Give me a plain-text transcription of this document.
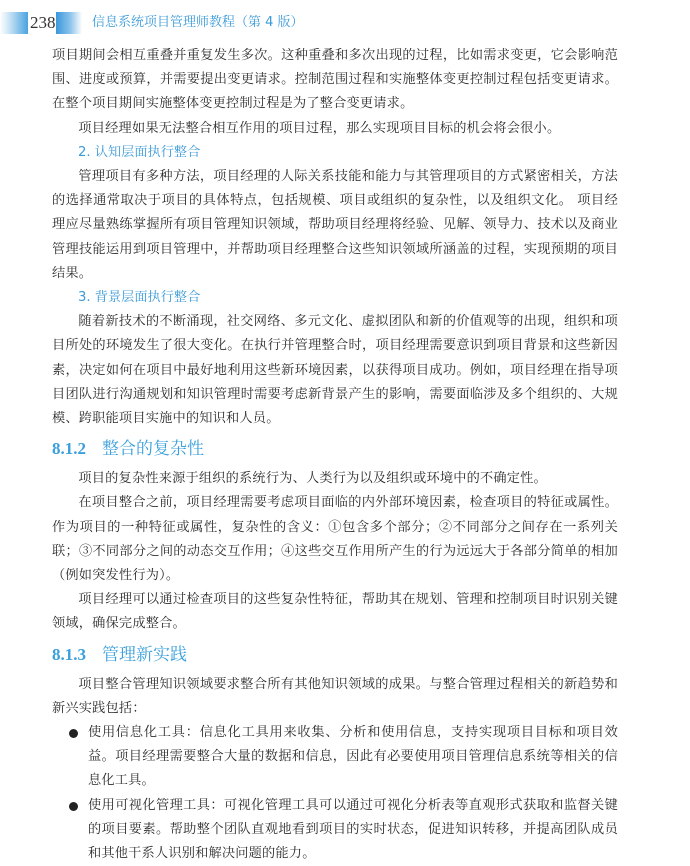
238	信息系统项目管理师教程（第 4 版）

项目期间会相互重叠并重复发生多次。这种重叠和多次出现的过程，比如需求变更，它会影响范围、进度或预算，并需要提出变更请求。控制范围过程和实施整体变更控制过程包括变更请求。在整个项目期间实施整体变更控制过程是为了整合变更请求。

项目经理如果无法整合相互作用的项目过程，那么实现项目目标的机会将会很小。

2. 认知层面执行整合

管理项目有多种方法，项目经理的人际关系技能和能力与其管理项目的方式紧密相关，方法的选择通常取决于项目的具体特点，包括规模、项目或组织的复杂性，以及组织文化。 项目经理应尽量熟练掌握所有项目管理知识领域，帮助项目经理将经验、见解、领导力、技术以及商业管理技能运用到项目管理中，并帮助项目经理整合这些知识领域所涵盖的过程，实现预期的项目结果。

3. 背景层面执行整合

随着新技术的不断涌现，社交网络、多元文化、虚拟团队和新的价值观等的出现，组织和项目所处的环境发生了很大变化。在执行并管理整合时，项目经理需要意识到项目背景和这些新因素，决定如何在项目中最好地利用这些新环境因素，以获得项目成功。例如，项目经理在指导项目团队进行沟通规划和知识管理时需要考虑新背景产生的影响，需要面临涉及多个组织的、大规模、跨职能项目实施中的知识和人员。

8.1.2 整合的复杂性

项目的复杂性来源于组织的系统行为、人类行为以及组织或环境中的不确定性。

在项目整合之前，项目经理需要考虑项目面临的内外部环境因素，检查项目的特征或属性。作为项目的一种特征或属性，复杂性的含义：①包含多个部分；②不同部分之间存在一系列关联；③不同部分之间的动态交互作用；④这些交互作用所产生的行为远远大于各部分简单的相加（例如突发性行为）。

项目经理可以通过检查项目的这些复杂性特征，帮助其在规划、管理和控制项目时识别关键领域，确保完成整合。

8.1.3 管理新实践

项目整合管理知识领域要求整合所有其他知识领域的成果。与整合管理过程相关的新趋势和新兴实践包括：

使用信息化工具：信息化工具用来收集、分析和使用信息，支持实现项目目标和项目效益。项目经理需要整合大量的数据和信息，因此有必要使用项目管理信息系统等相关的信息化工具。

使用可视化管理工具：可视化管理工具可以通过可视化分析表等直观形式获取和监督关键的项目要素。帮助整个团队直观地看到项目的实时状态，促进知识转移，并提高团队成员和其他干系人识别和解决问题的能力。
